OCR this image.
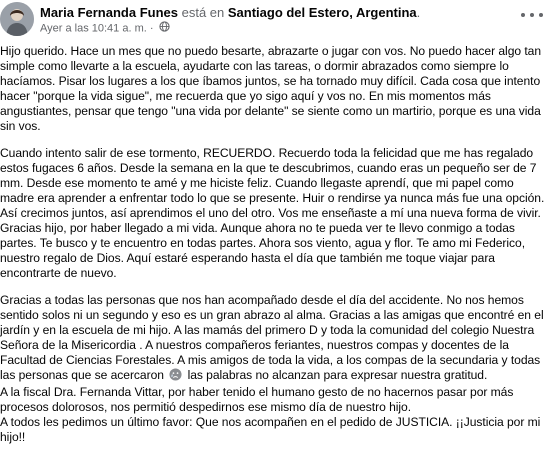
Maria Fernanda Funes está en Santiago del Estero, Argentina.
Ayer a las 10:41 a. m. ·

Hijo querido. Hace un mes que no puedo besarte, abrazarte o jugar con vos. No puedo hacer algo tan simple como llevarte a la escuela, ayudarte con las tareas, o dormir abrazados como siempre lo hacíamos. Pisar los lugares a los que íbamos juntos, se ha tornado muy difícil. Cada cosa que intento hacer "porque la vida sigue", me recuerda que yo sigo aquí y vos no. En mis momentos más angustiantes, pensar que tengo "una vida por delante" se siente como un martirio, porque es una vida sin vos.

Cuando intento salir de ese tormento, RECUERDO. Recuerdo toda la felicidad que me has regalado estos fugaces 6 años. Desde la semana en la que te descubrimos, cuando eras un pequeño ser de 7 mm. Desde ese momento te amé y me hiciste feliz. Cuando llegaste aprendí, que mi papel como madre era aprender a enfrentar todo lo que se presente. Huir o rendirse ya nunca más fue una opción. Así crecimos juntos, así aprendimos el uno del otro. Vos me enseñaste a mí una nueva forma de vivir. Gracias hijo, por haber llegado a mi vida. Aunque ahora no te pueda ver te llevo conmigo a todas partes. Te busco y te encuentro en todas partes. Ahora sos viento, agua y flor. Te amo mi Federico, nuestro regalo de Dios. Aquí estaré esperando hasta el día que también me toque viajar para encontrarte de nuevo.

Gracias a todas las personas que nos han acompañado desde el día del accidente. No nos hemos sentido solos ni un segundo y eso es un gran abrazo al alma. Gracias a las amigas que encontré en el jardín y en la escuela de mi hijo. A las mamás del primero D y toda la comunidad del colegio Nuestra Señora de la Misericordia . A nuestros compañeros feriantes, nuestros compas y docentes de la Facultad de Ciencias Forestales. A mis amigos de toda la vida, a los compas de la secundaria y todas las personas que se acercaron las palabras no alcanzan para expresar nuestra gratitud.

A la fiscal Dra. Fernanda Vittar, por haber tenido el humano gesto de no hacernos pasar por más procesos dolorosos, nos permitió despedirnos ese mismo día de nuestro hijo.

A todos les pedimos un último favor: Que nos acompañen en el pedido de JUSTICIA. ¡¡Justicia por mi hijo!!
